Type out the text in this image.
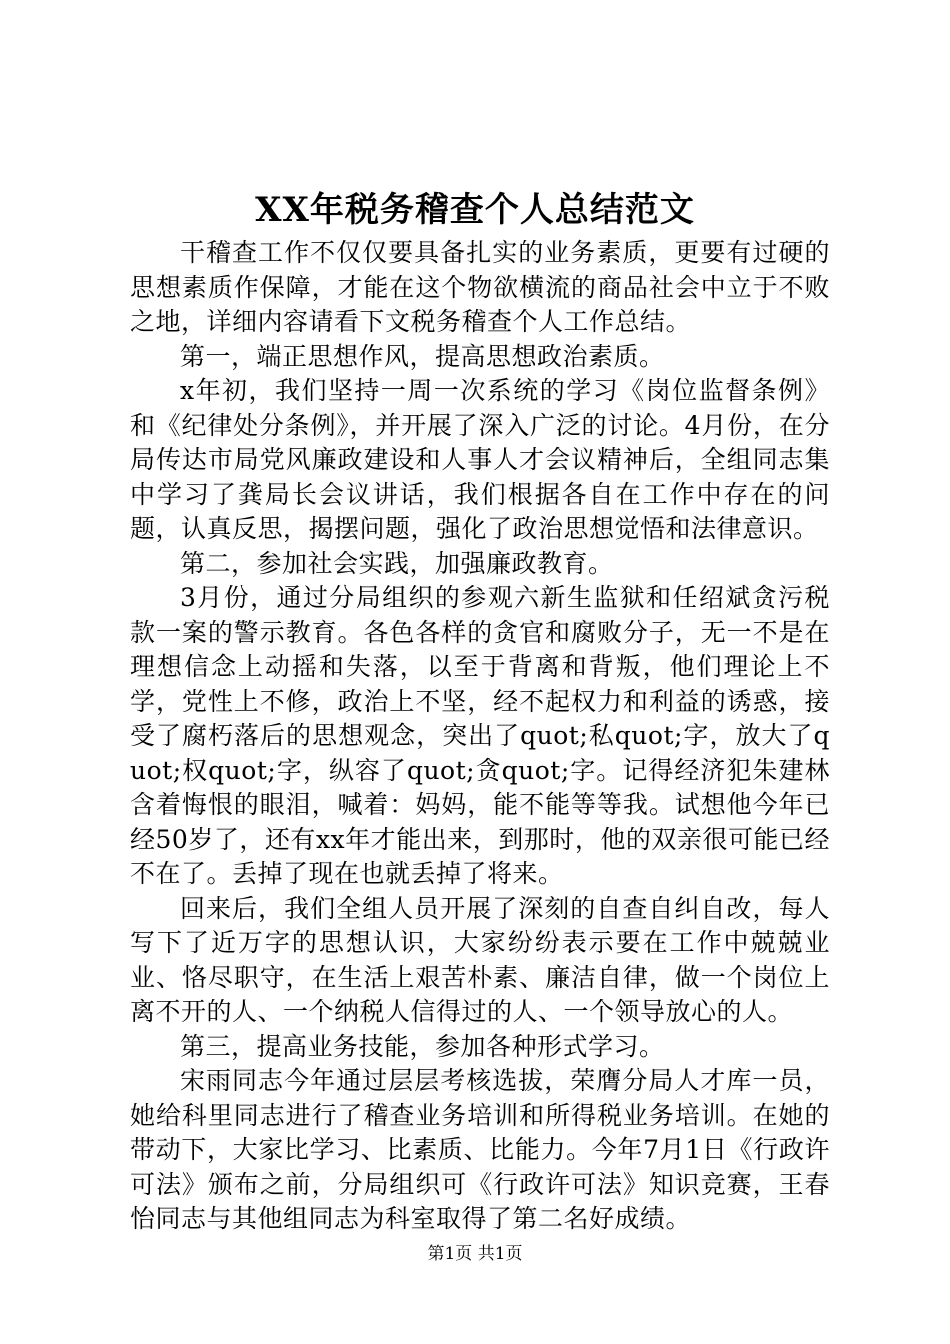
XX年税务稽查个人总结范文

干稽查工作不仅仅要具备扎实的业务素质，更要有过硬的思想素质作保障，才能在这个物欲横流的商品社会中立于不败之地，详细内容请看下文税务稽查个人工作总结。

第一，端正思想作风，提高思想政治素质。

x年初，我们坚持一周一次系统的学习《岗位监督条例》和《纪律处分条例》，并开展了深入广泛的讨论。4月份，在分局传达市局党风廉政建设和人事人才会议精神后，全组同志集中学习了龚局长会议讲话，我们根据各自在工作中存在的问题，认真反思，揭摆问题，强化了政治思想觉悟和法律意识。

第二，参加社会实践，加强廉政教育。

3月份，通过分局组织的参观六新生监狱和任绍斌贪污税款一案的警示教育。各色各样的贪官和腐败分子，无一不是在理想信念上动摇和失落，以至于背离和背叛，他们理论上不学，党性上不修，政治上不坚，经不起权力和利益的诱惑，接受了腐朽落后的思想观念，突出了quot;私quot;字，放大了quot;权quot;字，纵容了quot;贪quot;字。记得经济犯朱建林含着悔恨的眼泪，喊着：妈妈，能不能等等我。试想他今年已经50岁了，还有xx年才能出来，到那时，他的双亲很可能已经不在了。丢掉了现在也就丢掉了将来。

回来后，我们全组人员开展了深刻的自查自纠自改，每人写下了近万字的思想认识，大家纷纷表示要在工作中兢兢业业、恪尽职守，在生活上艰苦朴素、廉洁自律，做一个岗位上离不开的人、一个纳税人信得过的人、一个领导放心的人。

第三，提高业务技能，参加各种形式学习。

宋雨同志今年通过层层考核选拔，荣膺分局人才库一员，她给科里同志进行了稽查业务培训和所得税业务培训。在她的带动下，大家比学习、比素质、比能力。今年7月1日《行政许可法》颁布之前，分局组织可《行政许可法》知识竞赛，王春怡同志与其他组同志为科室取得了第二名好成绩。

第1页 共1页
